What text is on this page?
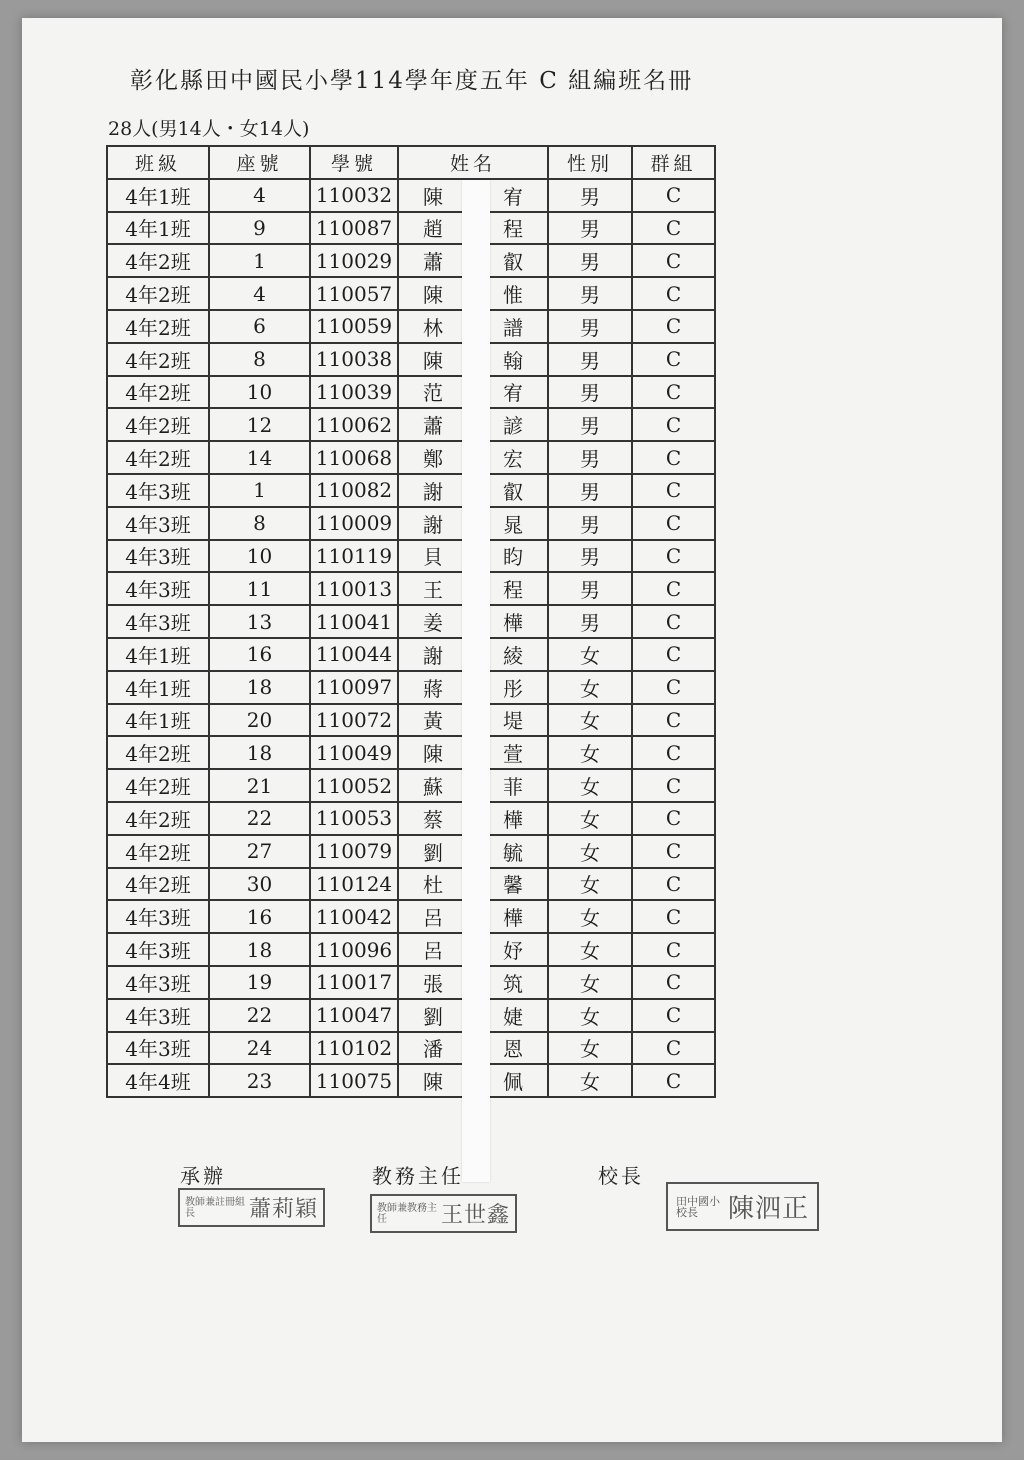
彰化縣田中國民小學114學年度五年 C 組編班名冊
28人(男14人・女14人)
班級	座號	學號	姓名	性別	群組
4年1班	4	110032	陳 宥	男	C
4年1班	9	110087	趙 程	男	C
4年2班	1	110029	蕭 叡	男	C
4年2班	4	110057	陳 惟	男	C
4年2班	6	110059	林 譜	男	C
4年2班	8	110038	陳 翰	男	C
4年2班	10	110039	范 宥	男	C
4年2班	12	110062	蕭 諺	男	C
4年2班	14	110068	鄭 宏	男	C
4年3班	1	110082	謝 叡	男	C
4年3班	8	110009	謝 晁	男	C
4年3班	10	110119	貝 盷	男	C
4年3班	11	110013	王 程	男	C
4年3班	13	110041	姜 樺	男	C
4年1班	16	110044	謝 綾	女	C
4年1班	18	110097	蔣 彤	女	C
4年1班	20	110072	黃 堤	女	C
4年2班	18	110049	陳 萱	女	C
4年2班	21	110052	蘇 菲	女	C
4年2班	22	110053	蔡 樺	女	C
4年2班	27	110079	劉 毓	女	C
4年2班	30	110124	杜 馨	女	C
4年3班	16	110042	呂 樺	女	C
4年3班	18	110096	呂 妤	女	C
4年3班	19	110017	張 筑	女	C
4年3班	22	110047	劉 婕	女	C
4年3班	24	110102	潘 恩	女	C
4年4班	23	110075	陳 佩	女	C
承辦	教務主任	校長
教師兼註冊組長	蕭莉穎	教師兼教務主任	王世鑫
田中國小校長	陳泗正
